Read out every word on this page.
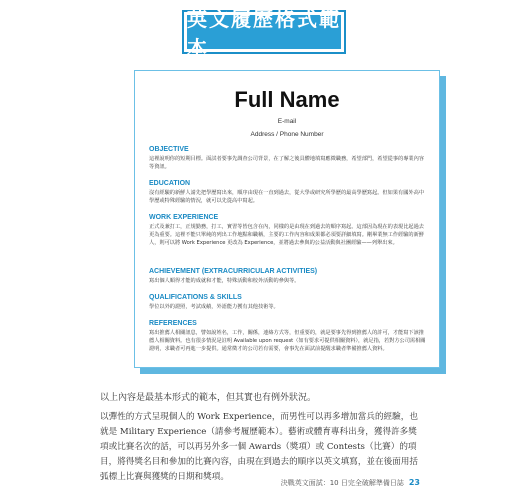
英文履歷格式範本
Full Name
E-mail
Address / Phone Number
OBJECTIVE
這裡說明你的短期目標。面試者要事先調查公司背景，在了解之後具體地填寫應徵職務，希望部門，希望從事的專業內容等資訊。
EDUCATION
沒有經驗的新鮮人請先把學歷寫出來，順序由現在一直到過去，從大學或研究所學歷的最高學歷寫起。但如果有國外高中學歷或特殊經驗的情況，就可以先從高中寫起。
WORK EXPERIENCE
正式及兼打工，正規勤務，打工，實習等皆包含在內，同樣的是由現在到過去的順序寫起。這部因為現在的表現比起過去更為重要。這裡不能只單純的列出工作地點和職稱，主要的工作內容和成果都必須要詳細填寫。剛畢業無工作經驗的新鮮人，則可以將 Work Experience 更改為 Experience，並將過去參與的公益活動與社團經驗——列舉出來。
ACHIEVEMENT (EXTRACURRICULAR ACTIVITIES)
寫出個人順得才能的成就和才能，特殊活動和校外活動的參與等。
QUALIFICATIONS & SKILLS
學位以外的證照，考試成績，外語能力獲有其他技術等。
REFERENCES
寫出推薦人相關訊息，譬如說姓名，工作，關係，連絡方式等，但重要的，就是要事先得到推薦人的許可，才能寫下該推薦人相關資料。也有很多情況是註明 Available upon request（如有要求可提供相關資料），就足指，若對方公司需相關證明，求職者可再進一步提供。通常徵才的公司若有需要，會事先在面試前提醒求職者準備推薦人資料。
以上內容是最基本形式的範本，但其實也有例外狀況。
以彈性的方式呈現個人的 Work Experience，而男性可以再多增加當兵的經驗，也就是 Military Experience（請參考履歷範本）。藝術或體育專科出身，獲得許多獎項或比賽名次的話，可以再另外多一個 Awards（獎項）或 Contests（比賽）的項目，將得獎名目和參加的比賽內容，由現在到過去的順序以英文填寫，並在後面用括弧標上比賽與獲獎的日期和獎項。
決戰英文面試：10 日完全破解準備日誌 23
